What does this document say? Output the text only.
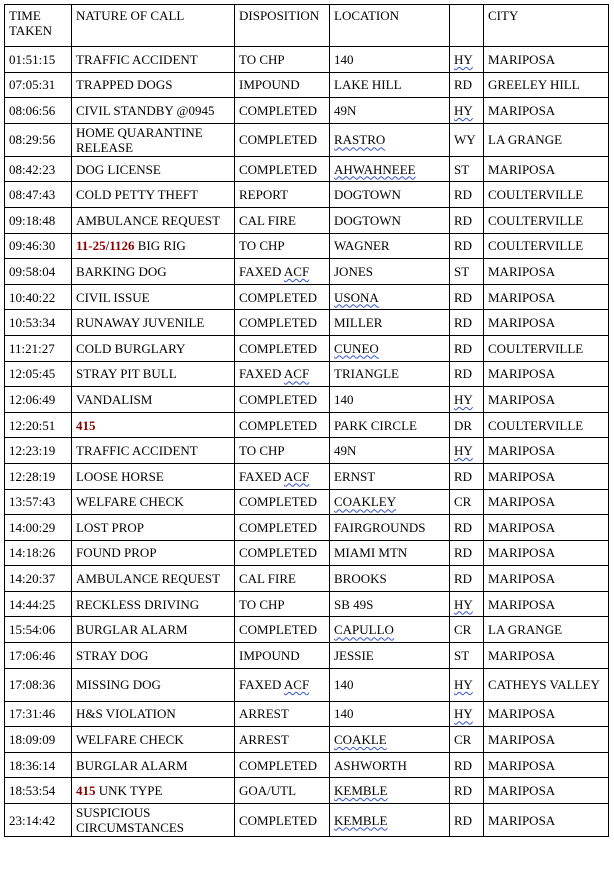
TIME TAKEN	NATURE OF CALL	DISPOSITION	LOCATION		CITY
01:51:15	TRAFFIC ACCIDENT	TO CHP	140	HY	MARIPOSA
07:05:31	TRAPPED DOGS	IMPOUND	LAKE HILL	RD	GREELEY HILL
08:06:56	CIVIL STANDBY @0945	COMPLETED	49N	HY	MARIPOSA
08:29:56	HOME QUARANTINE RELEASE	COMPLETED	RASTRO	WY	LA GRANGE
08:42:23	DOG LICENSE	COMPLETED	AHWAHNEEE	ST	MARIPOSA
08:47:43	COLD PETTY THEFT	REPORT	DOGTOWN	RD	COULTERVILLE
09:18:48	AMBULANCE REQUEST	CAL FIRE	DOGTOWN	RD	COULTERVILLE
09:46:30	11-25/1126 BIG RIG	TO CHP	WAGNER	RD	COULTERVILLE
09:58:04	BARKING DOG	FAXED ACF	JONES	ST	MARIPOSA
10:40:22	CIVIL ISSUE	COMPLETED	USONA	RD	MARIPOSA
10:53:34	RUNAWAY JUVENILE	COMPLETED	MILLER	RD	MARIPOSA
11:21:27	COLD BURGLARY	COMPLETED	CUNEO	RD	COULTERVILLE
12:05:45	STRAY PIT BULL	FAXED ACF	TRIANGLE	RD	MARIPOSA
12:06:49	VANDALISM	COMPLETED	140	HY	MARIPOSA
12:20:51	415	COMPLETED	PARK CIRCLE	DR	COULTERVILLE
12:23:19	TRAFFIC ACCIDENT	TO CHP	49N	HY	MARIPOSA
12:28:19	LOOSE HORSE	FAXED ACF	ERNST	RD	MARIPOSA
13:57:43	WELFARE CHECK	COMPLETED	COAKLEY	CR	MARIPOSA
14:00:29	LOST PROP	COMPLETED	FAIRGROUNDS	RD	MARIPOSA
14:18:26	FOUND PROP	COMPLETED	MIAMI MTN	RD	MARIPOSA
14:20:37	AMBULANCE REQUEST	CAL FIRE	BROOKS	RD	MARIPOSA
14:44:25	RECKLESS DRIVING	TO CHP	SB 49S	HY	MARIPOSA
15:54:06	BURGLAR ALARM	COMPLETED	CAPULLO	CR	LA GRANGE
17:06:46	STRAY DOG	IMPOUND	JESSIE	ST	MARIPOSA
17:08:36	MISSING DOG	FAXED ACF	140	HY	CATHEYS VALLEY
17:31:46	H&S VIOLATION	ARREST	140	HY	MARIPOSA
18:09:09	WELFARE CHECK	ARREST	COAKLE	CR	MARIPOSA
18:36:14	BURGLAR ALARM	COMPLETED	ASHWORTH	RD	MARIPOSA
18:53:54	415 UNK TYPE	GOA/UTL	KEMBLE	RD	MARIPOSA
23:14:42	SUSPICIOUS CIRCUMSTANCES	COMPLETED	KEMBLE	RD	MARIPOSA
